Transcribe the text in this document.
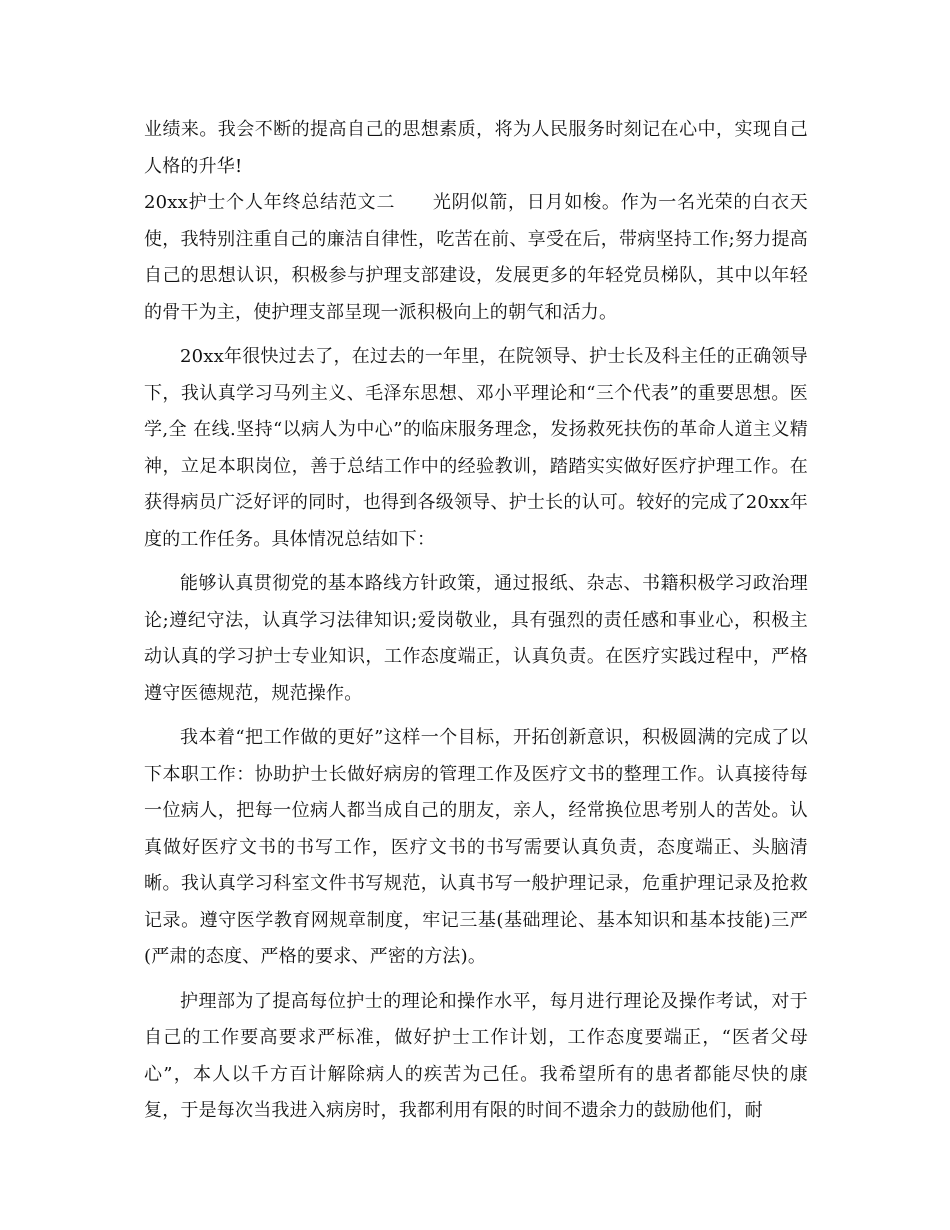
业绩来。我会不断的提高自己的思想素质，将为人民服务时刻记在心中，实现自己人格的升华!

20xx护士个人年终总结范文二　　光阴似箭，日月如梭。作为一名光荣的白衣天使，我特别注重自己的廉洁自律性，吃苦在前、享受在后，带病坚持工作;努力提高自己的思想认识，积极参与护理支部建设，发展更多的年轻党员梯队，其中以年轻的骨干为主，使护理支部呈现一派积极向上的朝气和活力。

20xx年很快过去了，在过去的一年里，在院领导、护士长及科主任的正确领导下，我认真学习马列主义、毛泽东思想、邓小平理论和“三个代表”的重要思想。医学,全 在线.坚持“以病人为中心”的临床服务理念，发扬救死扶伤的革命人道主义精神，立足本职岗位，善于总结工作中的经验教训，踏踏实实做好医疗护理工作。在获得病员广泛好评的同时，也得到各级领导、护士长的认可。较好的完成了20xx年度的工作任务。具体情况总结如下：

能够认真贯彻党的基本路线方针政策，通过报纸、杂志、书籍积极学习政治理论;遵纪守法，认真学习法律知识;爱岗敬业，具有强烈的责任感和事业心，积极主动认真的学习护士专业知识，工作态度端正，认真负责。在医疗实践过程中，严格遵守医德规范，规范操作。

我本着“把工作做的更好”这样一个目标，开拓创新意识，积极圆满的完成了以下本职工作：协助护士长做好病房的管理工作及医疗文书的整理工作。认真接待每一位病人，把每一位病人都当成自己的朋友，亲人，经常换位思考别人的苦处。认真做好医疗文书的书写工作，医疗文书的书写需要认真负责，态度端正、头脑清晰。我认真学习科室文件书写规范，认真书写一般护理记录，危重护理记录及抢救记录。遵守医学教育网规章制度，牢记三基(基础理论、基本知识和基本技能)三严(严肃的态度、严格的要求、严密的方法)。

护理部为了提高每位护士的理论和操作水平，每月进行理论及操作考试，对于自己的工作要高要求严标准，做好护士工作计划，工作态度要端正，“医者父母心”，本人以千方百计解除病人的疾苦为己任。我希望所有的患者都能尽快的康复，于是每次当我进入病房时，我都利用有限的时间不遗余力的鼓励他们，耐
